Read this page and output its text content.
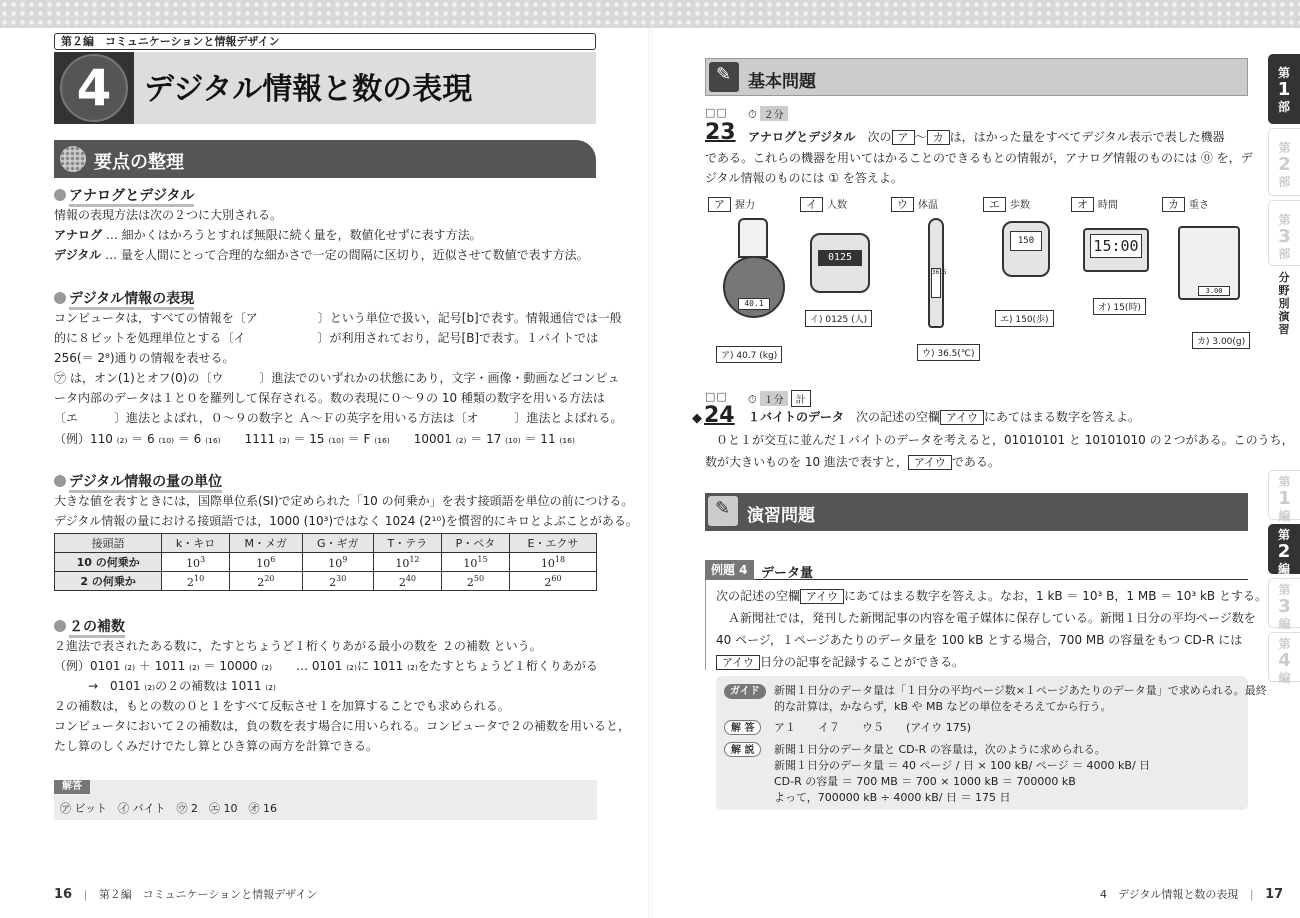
第２編　コミュニケーションと情報デザイン
4	デジタル情報と数の表現
要点の整理
アナログとデジタル
情報の表現方法は次の２つに大別される。
アナログ … 細かくはかろうとすれば無限に続く量を，数値化せずに表す方法。
デジタル … 量を人間にとって合理的な細かさで一定の間隔に区切り，近似させて数値で表す方法。
デジタル情報の表現
コンピュータは，すべての情報を〔ア　　　　　〕という単位で扱い，記号[b]で表す。情報通信では一般
的に８ビットを処理単位とする〔イ　　　　　　〕が利用されており，記号[B]で表す。１バイトでは
256(＝ 2⁸)通りの情報を表せる。
㋐ は，オン(1)とオフ(0)の〔ウ　　　〕進法でのいずれかの状態にあり，文字・画像・動画などコンピュ
ータ内部のデータは１と０を羅列して保存される。数の表現に０～９の 10 種類の数字を用いる方法は
〔エ　　　〕進法とよばれ，０～９の数字と Ａ～Ｆの英字を用いる方法は〔オ　　　〕進法とよばれる。
（例）110 ₍₂₎ ＝ 6 ₍₁₀₎ ＝ 6 ₍₁₆₎　　1111 ₍₂₎ ＝ 15 ₍₁₀₎ ＝ F ₍₁₆₎　　10001 ₍₂₎ ＝ 17 ₍₁₀₎ ＝ 11 ₍₁₆₎
デジタル情報の量の単位
大きな値を表すときには，国際単位系(SI)で定められた「10 の何乗か」を表す接頭語を単位の前につける。
デジタル情報の量における接頭語では，1000 (10³)ではなく 1024 (2¹⁰)を慣習的にキロとよぶことがある。
接頭語	k・キロ	M・メガ	G・ギガ	T・テラ	P・ペタ	E・エクサ
10 の何乗か	$10^3$	$10^6$	$10^9$	$10^{12}$	$10^{15}$	$10^{18}$
2 の何乗か	$2^{10}$	$2^{20}$	$2^{30}$	$2^{40}$	$2^{50}$	$2^{60}$
２の補数
２進法で表されたある数に，たすとちょうど１桁くりあがる最小の数を ２の補数 という。
（例）0101 ₍₂₎ ＋ 1011 ₍₂₎ ＝ 10000 ₍₂₎　　… 0101 ₍₂₎に 1011 ₍₂₎をたすとちょうど１桁くりあがる
→　0101 ₍₂₎の２の補数は 1011 ₍₂₎
２の補数は，もとの数の０と１をすべて反転させ１を加算することでも求められる。
コンピュータにおいて２の補数は，負の数を表す場合に用いられる。コンピュータで２の補数を用いると，
たし算のしくみだけでたし算とひき算の両方を計算できる。
解答
㋐ ビット　㋑ バイト　㋒ 2　㋓ 10　㋔ 16
16 | 第２編　コミュニケーションと情報デザイン
✎
基本問題
□□ ⏱ ２分
23 アナログとデジタル　次の ア ～ カ は，はかった量をすべてデジタル表示で表した機器
である。これらの機器を用いてはかることのできるもとの情報が，アナログ情報のものには ⓪ を，デ
ジタル情報のものには ① を答えよ。
ア 握力
40.1
ア) 40.7 (kg)
イ 人数
0125
イ) 0125 (人)
ウ 体温
36.5
ウ) 36.5(℃)
エ 歩数
150
エ) 150(歩)
オ 時間
15:00
オ) 15(時)
カ 重さ
3.00
カ) 3.00(g)
□□ ⏱ １分 計
◆24 １バイトのデータ　次の記述の空欄 アイウ にあてはまる数字を答えよ。
０と１が交互に並んだ１バイトのデータを考えると，01010101 と 10101010 の２つがある。このうち，
数が大きいものを 10 進法で表すと， アイウ である。
✎
演習問題
例題 4	データ量
次の記述の空欄 アイウ にあてはまる数字を答えよ。なお，1 kB ＝ 10³ B，1 MB ＝ 10³ kB とする。
Ａ新聞社では，発刊した新聞記事の内容を電子媒体に保存している。新聞１日分の平均ページ数を
40 ページ，１ページあたりのデータ量を 100 kB とする場合，700 MB の容量をもつ CD-R には
アイウ 日分の記事を記録することができる。
ガイド	新聞１日分のデータ量は「１日分の平均ページ数×１ページあたりのデータ量」で求められる。最終
的な計算は，かならず，kB や MB などの単位をそろえてから行う。
解 答	ア１　　イ７　　ウ５　　(アイウ 175)
解 説	新聞１日分のデータ量と CD-R の容量は，次のように求められる。
新聞１日分のデータ量 ＝ 40 ページ / 日 × 100 kB/ ページ ＝ 4000 kB/ 日
CD-R の容量 ＝ 700 MB ＝ 700 × 1000 kB ＝ 700000 kB
よって，700000 kB ÷ 4000 kB/ 日 ＝ 175 日
4　デジタル情報と数の表現 | 17
第
1
部
第
2
部
第
3
部
分野別演習
第
1
編
第
2
編
第
3
編
第
4
編
